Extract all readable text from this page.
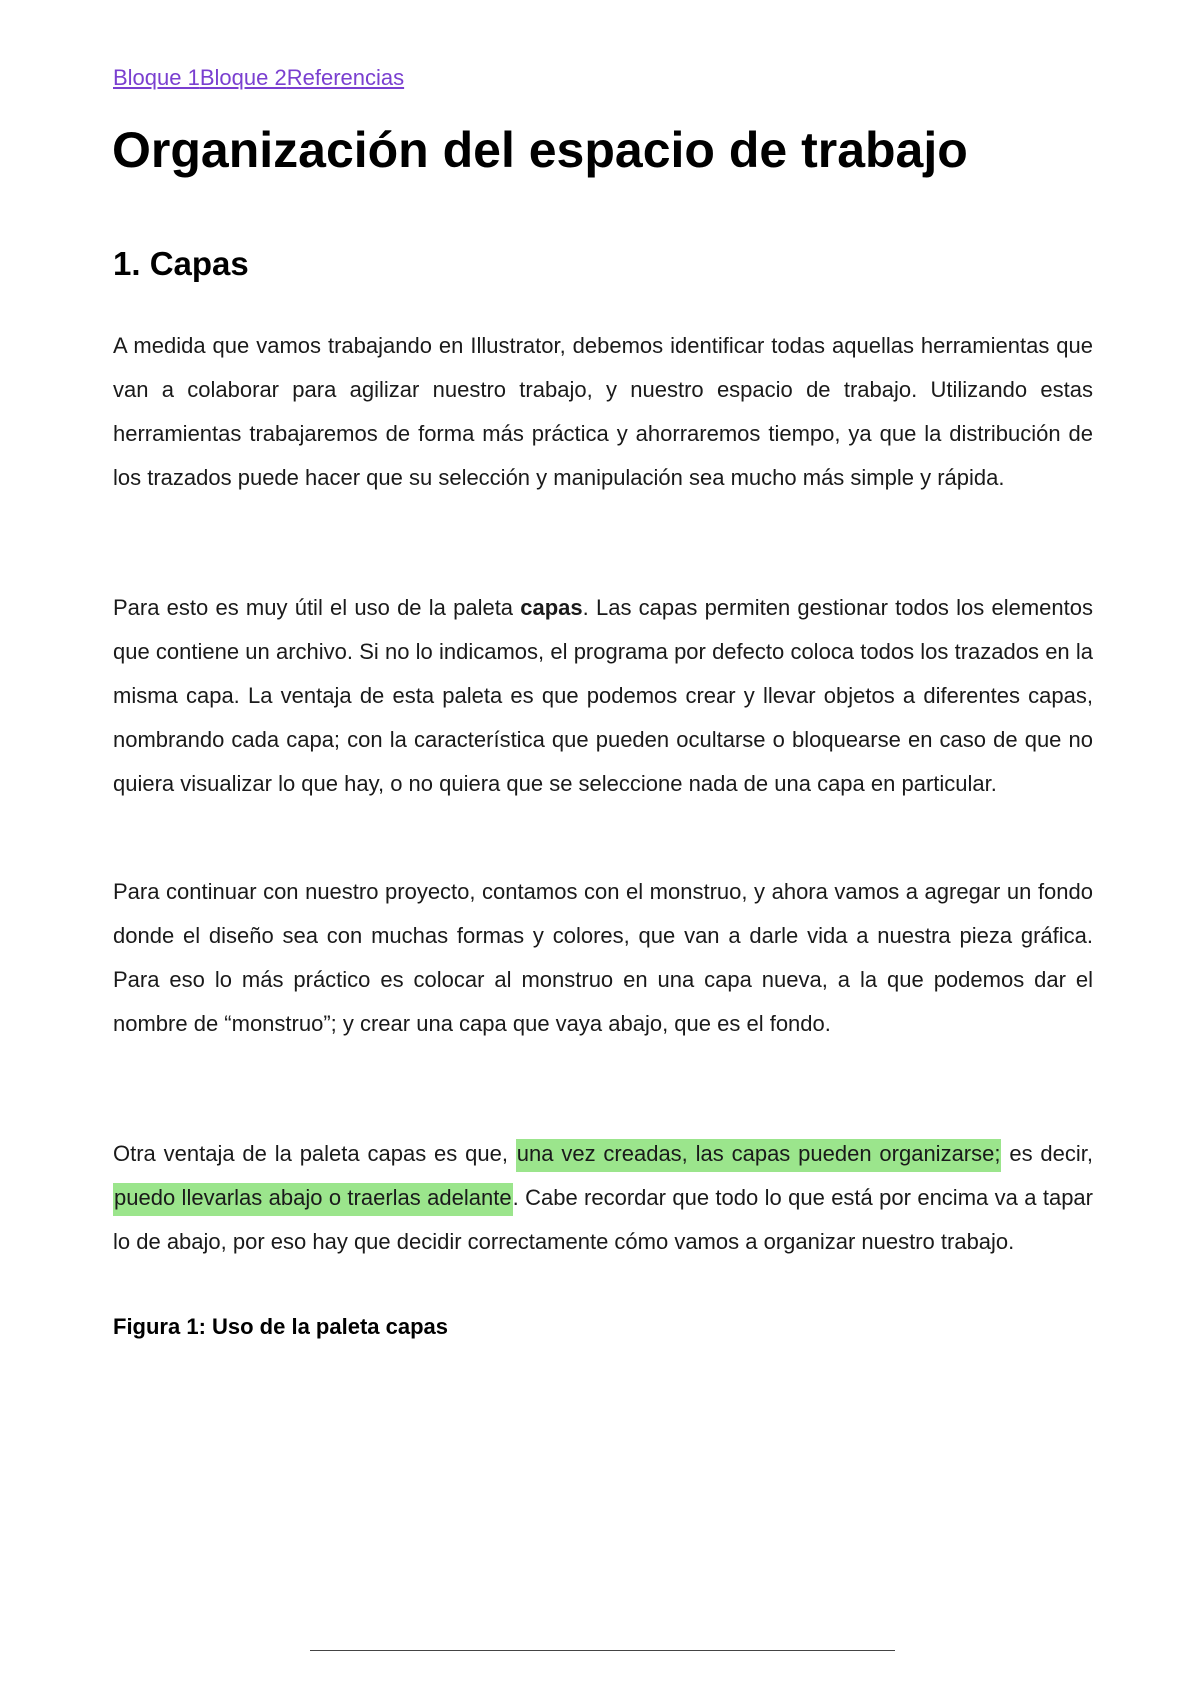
Bloque 1Bloque 2Referencias
Organización del espacio de trabajo
1. Capas

A medida que vamos trabajando en Illustrator, debemos identificar todas aquellas herramientas que van a colaborar para agilizar nuestro trabajo, y nuestro espacio de trabajo. Utilizando estas herramientas trabajaremos de forma más práctica y ahorraremos tiempo, ya que la distribución de los trazados puede hacer que su selección y manipulación sea mucho más simple y rápida.

Para esto es muy útil el uso de la paleta capas. Las capas permiten gestionar todos los elementos que contiene un archivo. Si no lo indicamos, el programa por defecto coloca todos los trazados en la misma capa. La ventaja de esta paleta es que podemos crear y llevar objetos a diferentes capas, nombrando cada capa; con la característica que pueden ocultarse o bloquearse en caso de que no quiera visualizar lo que hay, o no quiera que se seleccione nada de una capa en particular.

Para continuar con nuestro proyecto, contamos con el monstruo, y ahora vamos a agregar un fondo donde el diseño sea con muchas formas y colores, que van a darle vida a nuestra pieza gráfica. Para eso lo más práctico es colocar al monstruo en una capa nueva, a la que podemos dar el nombre de “monstruo”; y crear una capa que vaya abajo, que es el fondo.

Otra ventaja de la paleta capas es que, una vez creadas, las capas pueden organizarse; es decir, puedo llevarlas abajo o traerlas adelante. Cabe recordar que todo lo que está por encima va a tapar lo de abajo, por eso hay que decidir correctamente cómo vamos a organizar nuestro trabajo.

Figura 1: Uso de la paleta capas
